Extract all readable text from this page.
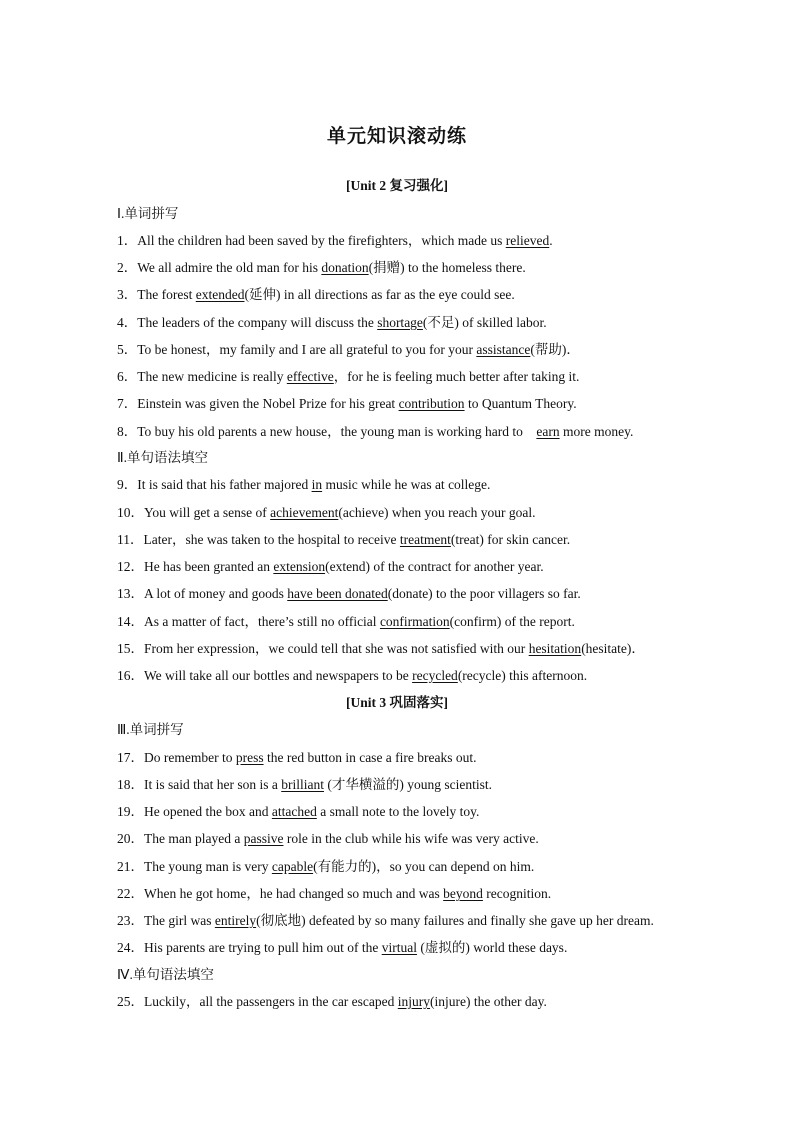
单元知识滚动练
[Unit 2 复习强化]
Ⅰ.单词拼写
1．All the children had been saved by the firefighters，which made us relieved.
2．We all admire the old man for his donation(捐赠) to the homeless there.
3．The forest extended(延伸) in all directions as far as the eye could see.
4．The leaders of the company will discuss the shortage(不足) of skilled labor.
5．To be honest，my family and I are all grateful to you for your assistance(帮助)．
6．The new medicine is really effective，for he is feeling much better after taking it.
7．Einstein was given the Nobel Prize for his great contribution to Quantum Theory.
8．To buy his old parents a new house，the young man is working hard to    earn more money.
Ⅱ.单句语法填空
9．It is said that his father majored in music while he was at college.
10．You will get a sense of achievement(achieve) when you reach your goal.
11．Later，she was taken to the hospital to receive treatment(treat) for skin cancer.
12．He has been granted an extension(extend) of the contract for another year.
13．A lot of money and goods have been donated(donate) to the poor villagers so far.
14．As a matter of fact，there’s still no official confirmation(confirm) of the report.
15．From her expression，we could tell that she was not satisfied with our hesitation(hesitate)．
16．We will take all our bottles and newspapers to be recycled(recycle) this afternoon.
[Unit 3 巩固落实]
Ⅲ.单词拼写
17．Do remember to press the red button in case a fire breaks out.
18．It is said that her son is a brilliant (才华横溢的) young scientist.
19．He opened the box and attached a small note to the lovely toy.
20．The man played a passive role in the club while his wife was very active.
21．The young man is very capable(有能力的)，so you can depend on him.
22．When he got home，he had changed so much and was beyond recognition.
23．The girl was entirely(彻底地) defeated by so many failures and finally she gave up her dream.
24．His parents are trying to pull him out of the virtual (虚拟的) world these days.
Ⅳ.单句语法填空
25．Luckily，all the passengers in the car escaped injury(injure) the other day.
